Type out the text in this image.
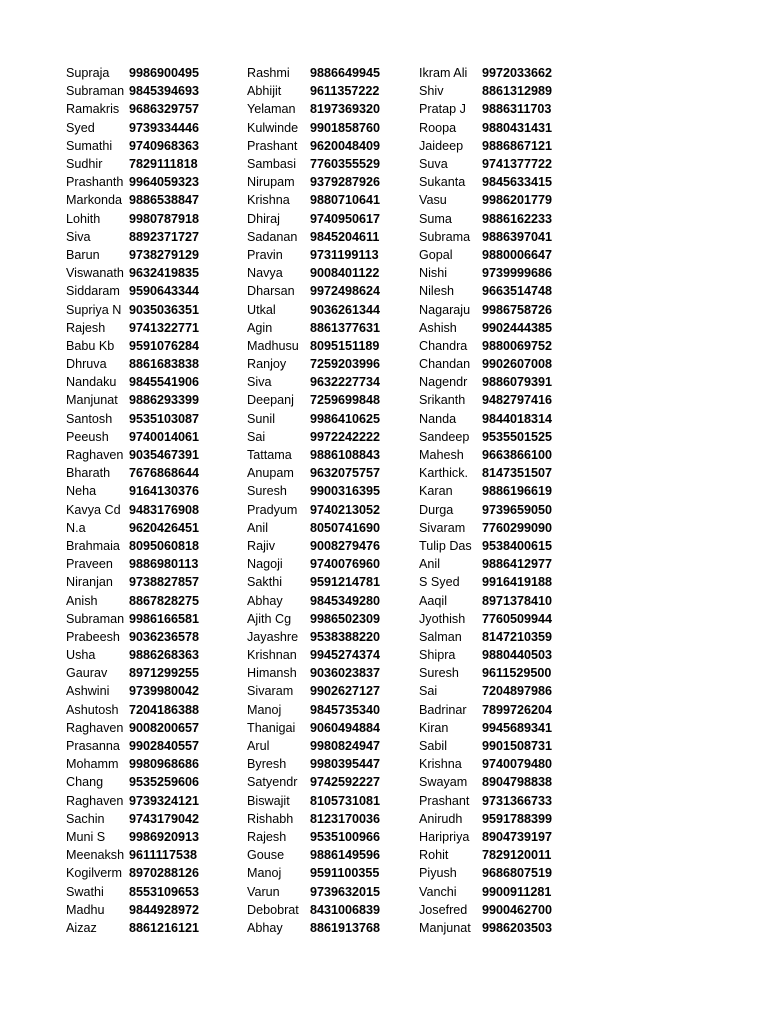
Supraja	9986900495
Subraman 9845394693
Ramakris 9686329757
Syed	9739334446
Sumathi	9740968363
Sudhir	7829111818
Prashanth 9964059323
Markonda 9886538847
Lohith	9980787918
Siva	8892371727
Barun	9738279129
Viswanath 9632419835
Siddaram 9590643344
Supriya N 9035036351
Rajesh	9741322771
Babu Kb	9591076284
Dhruva	8861683838
Nandaku 9845541906
Manjunat 9886293399
Santosh	9535103087
Peeush	9740014061
Raghaven 9035467391
Bharath	7676868644
Neha	9164130376
Kavya Cd 9483176908
N.a	9620426451
Brahmaia 8095060818
Praveen	9886980113
Niranjan	9738827857
Anish	8867828275
Subraman 9986166581
Prabeesh 9036236578
Usha	9886268363
Gaurav	8971299255
Ashwini	9739980042
Ashutosh 7204186388
Raghaven 9008200657
Prasanna 9902840557
Mohamm 9980968686
Chang	9535259606
Raghaven 9739324121
Sachin	9743179042
Muni S	9986920913
Meenaksh 9611117538
Kogilverm 8970288126
Swathi	8553109653
Madhu	9844928972
Aizaz	8861216121
Rashmi	9886649945
Abhijit	9611357222
Yelaman	8197369320
Kulwinde 9901858760
Prashant 9620048409
Sambasi	7760355529
Nirupam	9379287926
Krishna	9880710641
Dhiraj	9740950617
Sadanan 9845204611
Pravin	9731199113
Navya	9008401122
Dharsan	9972498624
Utkal	9036261344
Agin	8861377631
Madhusu 8095151189
Ranjoy	7259203996
Siva	9632227734
Deepanj	7259699848
Sunil	9986410625
Sai	9972242222
Tattama	9886108843
Anupam	9632075757
Suresh	9900316395
Pradyum 9740213052
Anil	8050741690
Rajiv	9008279476
Nagoji	9740076960
Sakthi	9591214781
Abhay	9845349280
Ajith Cg	9986502309
Jayashre 9538388220
Krishnan	9945274374
Himansh	9036023837
Sivaram	9902627127
Manoj	9845735340
Thanigai	9060494884
Arul	9980824947
Byresh	9980395447
Satyendr 9742592227
Biswajit	8105731081
Rishabh	8123170036
Rajesh	9535100966
Gouse	9886149596
Manoj	9591100355
Varun	9739632015
Debobrat 8431006839
Abhay	8861913768
Ikram Ali	9972033662
Shiv	8861312989
Pratap J	9886311703
Roopa	9880431431
Jaideep	9886867121
Suva	9741377722
Sukanta	9845633415
Vasu	9986201779
Suma	9886162233
Subrama 9886397041
Gopal	9880006647
Nishi	9739999686
Nilesh	9663514748
Nagaraju 9986758726
Ashish	9902444385
Chandra	9880069752
Chandan 9902607008
Nagendr	9886079391
Srikanth	9482797416
Nanda	9844018314
Sandeep 9535501525
Mahesh	9663866100
Karthick.	8147351507
Karan	9886196619
Durga	9739659050
Sivaram	7760299090
Tulip Das 9538400615
Anil	9886412977
S Syed	9916419188
Aaqil	8971378410
Jyothish	7760509944
Salman	8147210359
Shipra	9880440503
Suresh	9611529500
Sai	7204897986
Badrinar	7899726204
Kiran	9945689341
Sabil	9901508731
Krishna	9740079480
Swayam	8904798838
Prashant 9731366733
Anirudh	9591788399
Haripriya	8904739197
Rohit	7829120011
Piyush	9686807519
Vanchi	9900911281
Josefred	9900462700
Manjunat 9986203503
